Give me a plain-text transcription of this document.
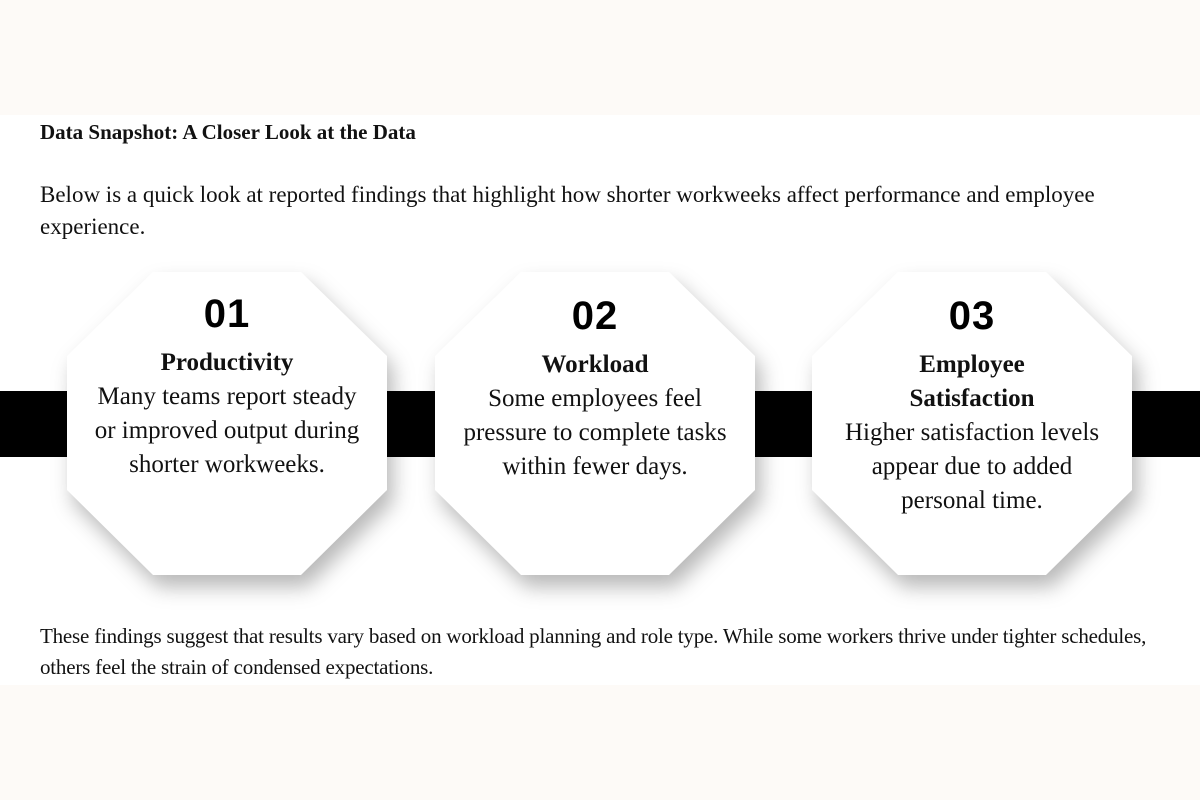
Data Snapshot: A Closer Look at the Data

Below is a quick look at reported findings that highlight how shorter workweeks affect performance and employee experience.

01
Productivity
Many teams report steady or improved output during shorter workweeks.
02
Workload
Some employees feel pressure to complete tasks within fewer days.
03
Employee Satisfaction
Higher satisfaction levels appear due to added personal time.

These findings suggest that results vary based on workload planning and role type. While some workers thrive under tighter schedules, others feel the strain of condensed expectations.
